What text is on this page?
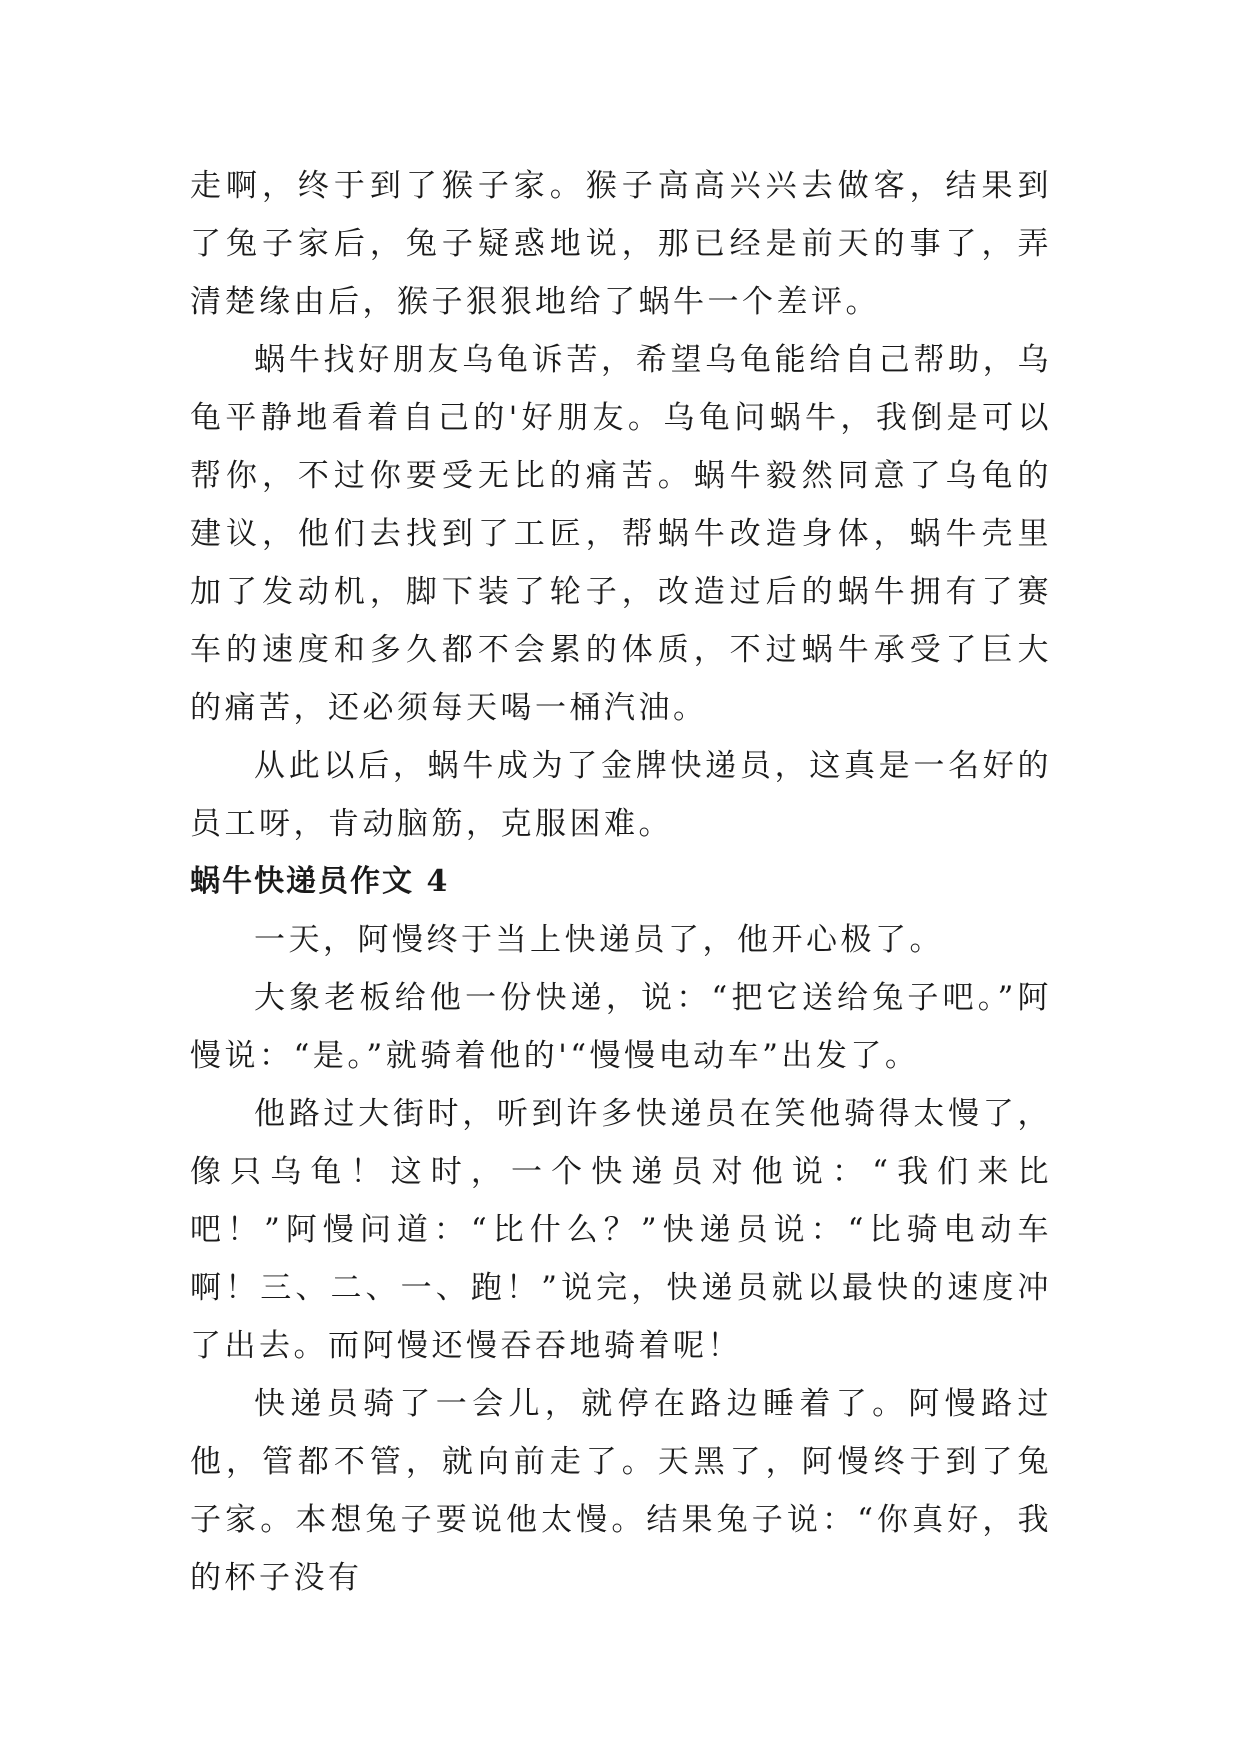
走啊，终于到了猴子家。猴子高高兴兴去做客，结果到了兔子家后，兔子疑惑地说，那已经是前天的事了，弄清楚缘由后，猴子狠狠地给了蜗牛一个差评。

蜗牛找好朋友乌龟诉苦，希望乌龟能给自己帮助，乌龟平静地看着自己的'好朋友。乌龟问蜗牛，我倒是可以帮你，不过你要受无比的痛苦。蜗牛毅然同意了乌龟的建议，他们去找到了工匠，帮蜗牛改造身体，蜗牛壳里加了发动机，脚下装了轮子，改造过后的蜗牛拥有了赛车的速度和多久都不会累的体质，不过蜗牛承受了巨大的痛苦，还必须每天喝一桶汽油。

从此以后，蜗牛成为了金牌快递员，这真是一名好的员工呀，肯动脑筋，克服困难。

蜗牛快递员作文 4

一天，阿慢终于当上快递员了，他开心极了。

大象老板给他一份快递，说：“把它送给兔子吧。”阿慢说：“是。”就骑着他的'“慢慢电动车”出发了。

他路过大街时，听到许多快递员在笑他骑得太慢了，像只乌龟！这时，一个快递员对他说：“我们来比吧！”阿慢问道：“比什么？”快递员说：“比骑电动车啊！三、二、一、跑！”说完，快递员就以最快的速度冲了出去。而阿慢还慢吞吞地骑着呢！

快递员骑了一会儿，就停在路边睡着了。阿慢路过他，管都不管，就向前走了。天黑了，阿慢终于到了兔子家。本想兔子要说他太慢。结果兔子说：“你真好，我的杯子没有
